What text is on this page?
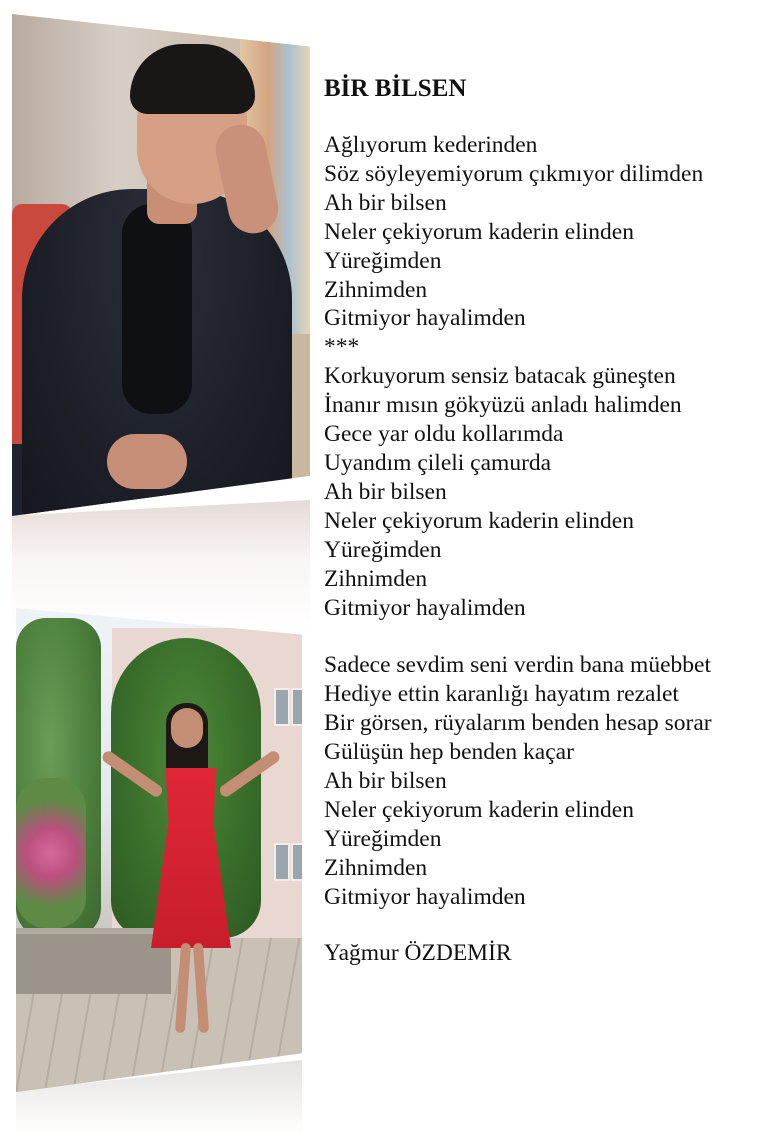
BİR BİLSEN
Ağlıyorum kederinden
Söz söyleyemiyorum çıkmıyor dilimden
Ah bir bilsen
Neler çekiyorum kaderin elinden
Yüreğimden
Zihnimden
Gitmiyor hayalimden
***
Korkuyorum sensiz batacak güneşten
İnanır mısın gökyüzü anladı halimden
Gece yar oldu kollarımda
Uyandım çileli çamurda
Ah bir bilsen
Neler çekiyorum kaderin elinden
Yüreğimden
Zihnimden
Gitmiyor hayalimden
Sadece sevdim seni verdin bana müebbet
Hediye ettin karanlığı hayatım rezalet
Bir görsen, rüyalarım benden hesap sorar
Gülüşün hep benden kaçar
Ah bir bilsen
Neler çekiyorum kaderin elinden
Yüreğimden
Zihnimden
Gitmiyor hayalimden
Yağmur ÖZDEMİR
